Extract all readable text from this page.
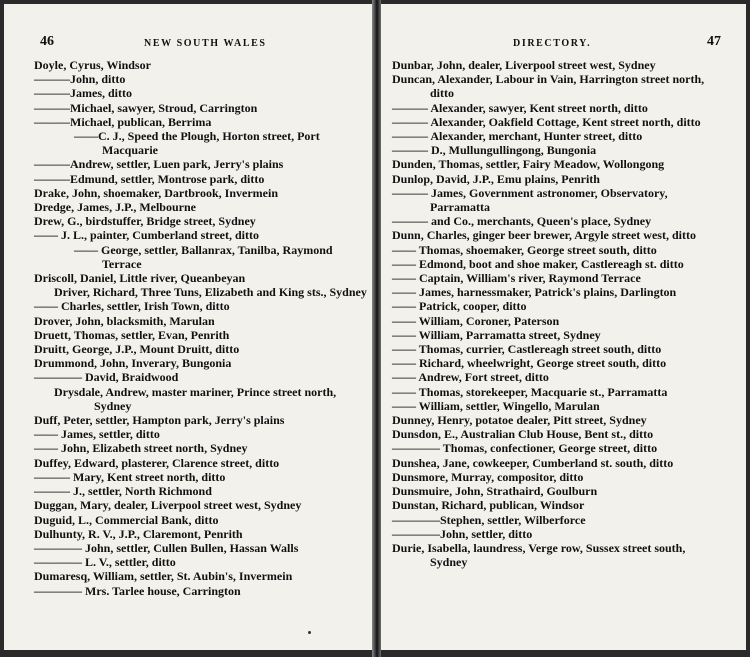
46	NEW SOUTH WALES
Doyle, Cyrus, Windsor
———John, ditto
———James, ditto
———Michael, sawyer, Stroud, Carrington
———Michael, publican, Berrima
——C. J., Speed the Plough, Horton street, Port Macquarie
———Andrew, settler, Luen park, Jerry's plains
———Edmund, settler, Montrose park, ditto
Drake, John, shoemaker, Dartbrook, Invermein
Dredge, James, J.P., Melbourne
Drew, G., birdstuffer, Bridge street, Sydney
—— J. L., painter, Cumberland street, ditto
—— George, settler, Ballanrax, Tanilba, Raymond Terrace
Driscoll, Daniel, Little river, Queanbeyan
Driver, Richard, Three Tuns, Elizabeth and King sts., Sydney
—— Charles, settler, Irish Town, ditto
Drover, John, blacksmith, Marulan
Druett, Thomas, settler, Evan, Penrith
Druitt, George, J.P., Mount Druitt, ditto
Drummond, John, Inverary, Bungonia
———— David, Braidwood
Drysdale, Andrew, master mariner, Prince street north, Sydney
Duff, Peter, settler, Hampton park, Jerry's plains
—— James, settler, ditto
—— John, Elizabeth street north, Sydney
Duffey, Edward, plasterer, Clarence street, ditto
——— Mary, Kent street north, ditto
——— J., settler, North Richmond
Duggan, Mary, dealer, Liverpool street west, Sydney
Duguid, L., Commercial Bank, ditto
Dulhunty, R. V., J.P., Claremont, Penrith
———— John, settler, Cullen Bullen, Hassan Walls
———— L. V., settler, ditto
Dumaresq, William, settler, St. Aubin's, Invermein
———— Mrs. Tarlee house, Carrington
DIRECTORY.	47
Dunbar, John, dealer, Liverpool street west, Sydney
Duncan, Alexander, Labour in Vain, Harrington street north, ditto
——— Alexander, sawyer, Kent street north, ditto
——— Alexander, Oakfield Cottage, Kent street north, ditto
——— Alexander, merchant, Hunter street, ditto
——— D., Mullungullingong, Bungonia
Dunden, Thomas, settler, Fairy Meadow, Wollongong
Dunlop, David, J.P., Emu plains, Penrith
——— James, Government astronomer, Observatory, Parramatta
——— and Co., merchants, Queen's place, Sydney
Dunn, Charles, ginger beer brewer, Argyle street west, ditto
—— Thomas, shoemaker, George street south, ditto
—— Edmond, boot and shoe maker, Castlereagh st. ditto
—— Captain, William's river, Raymond Terrace
—— James, harnessmaker, Patrick's plains, Darlington
—— Patrick, cooper, ditto
—— William, Coroner, Paterson
—— William, Parramatta street, Sydney
—— Thomas, currier, Castlereagh street south, ditto
—— Richard, wheelwright, George street south, ditto
—— Andrew, Fort street, ditto
—— Thomas, storekeeper, Macquarie st., Parramatta
—— William, settler, Wingello, Marulan
Dunney, Henry, potatoe dealer, Pitt street, Sydney
Dunsdon, E., Australian Club House, Bent st., ditto
———— Thomas, confectioner, George street, ditto
Dunshea, Jane, cowkeeper, Cumberland st. south, ditto
Dunsmore, Murray, compositor, ditto
Dunsmuire, John, Strathaird, Goulburn
Dunstan, Richard, publican, Windsor
————Stephen, settler, Wilberforce
————John, settler, ditto
Durie, Isabella, laundress, Verge row, Sussex street south, Sydney
